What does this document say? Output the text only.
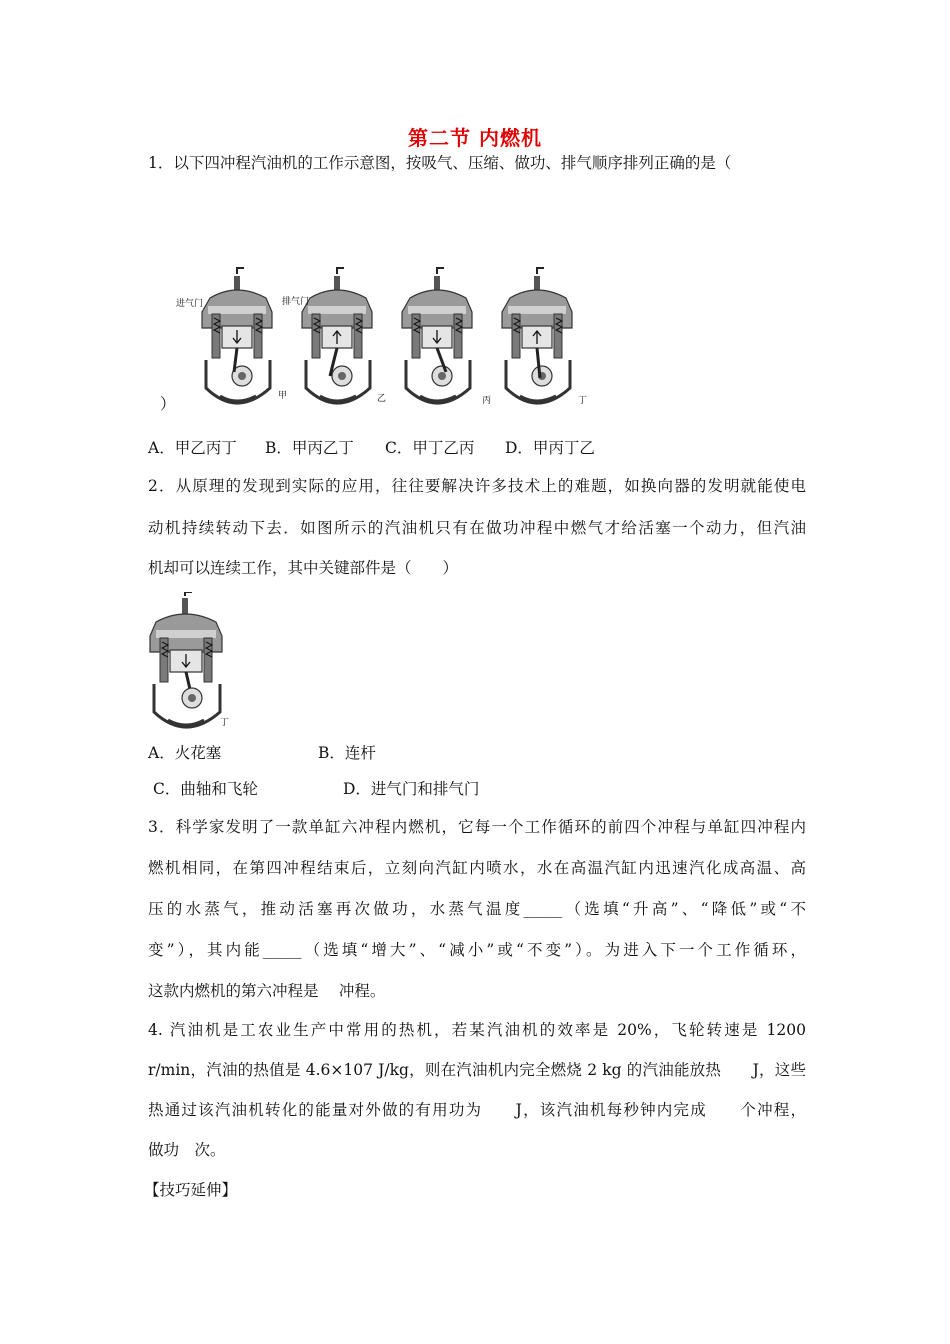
第二节 内燃机
1．以下四冲程汽油机的工作示意图，按吸气、压缩、做功、排气顺序排列正确的是（
进气门	排气门
甲	乙	丙	丁
）
A．甲乙丙丁 B．甲丙乙丁 C．甲丁乙丙 D．甲丙丁乙
2．从原理的发现到实际的应用，往往要解决许多技术上的难题，如换向器的发明就能使电
动机持续转动下去．如图所示的汽油机只有在做功冲程中燃气才给活塞一个动力，但汽油
机却可以连续工作，其中关键部件是（　　）
丁
A．火花塞	B．连杆
C．曲轴和飞轮	D．进气门和排气门
3．科学家发明了一款单缸六冲程内燃机，它每一个工作循环的前四个冲程与单缸四冲程内
燃机相同，在第四冲程结束后，立刻向汽缸内喷水，水在高温汽缸内迅速汽化成高温、高
压的水蒸气，推动活塞再次做功，水蒸气温度_____（选填“升高”、“降低”或“不
变”），其内能_____（选填“增大”、“减小”或“不变”）。为进入下一个工作循环，
这款内燃机的第六冲程是　 冲程。
4. 汽油机是工农业生产中常用的热机，若某汽油机的效率是 20%，飞轮转速是 1200
r/min，汽油的热值是 4.6×107 J/kg，则在汽油机内完全燃烧 2 kg 的汽油能放热　　J，这些
热通过该汽油机转化的能量对外做的有用功为　　J，该汽油机每秒钟内完成　　个冲程，
做功　次。
【技巧延伸】
